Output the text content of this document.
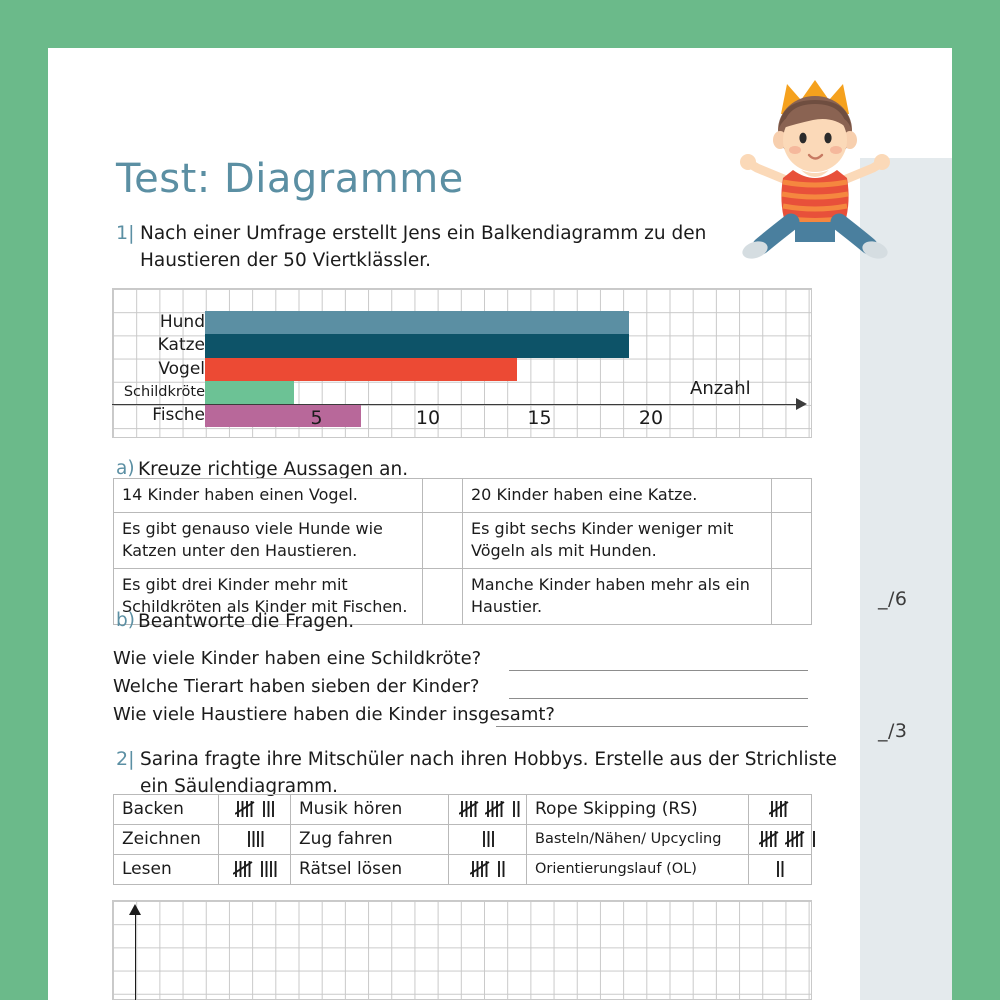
_/6
_/3
Test: Diagramme
1| Nach einer Umfrage erstellt Jens ein Balkendiagramm zu den
Haustieren der 50 Viertklässler.
Hund
Katze
Vogel
Schildkröte
Fische	5	10	15	20
Anzahl
a) Kreuze richtige Aussagen an.
14 Kinder haben einen Vogel.		20 Kinder haben eine Katze.	
Es gibt genauso viele Hunde wie Katzen unter den Haustieren.		Es gibt sechs Kinder weniger mit Vögeln als mit Hunden.	
Es gibt drei Kinder mehr mit Schildkröten als Kinder mit Fischen.		Manche Kinder haben mehr als ein Haustier.	
b) Beantworte die Fragen.
Wie viele Kinder haben eine Schildkröte?
Welche Tierart haben sieben der Kinder?
Wie viele Haustiere haben die Kinder insgesamt?
2| Sarina fragte ihre Mitschüler nach ihren Hobbys. Erstelle aus der Strichliste
ein Säulendiagramm.
Backen		Musik hören		Rope Skipping (RS)	
Zeichnen		Zug fahren		Basteln/Nähen/ Upcycling	
Lesen		Rätsel lösen		Orientierungslauf (OL)	
